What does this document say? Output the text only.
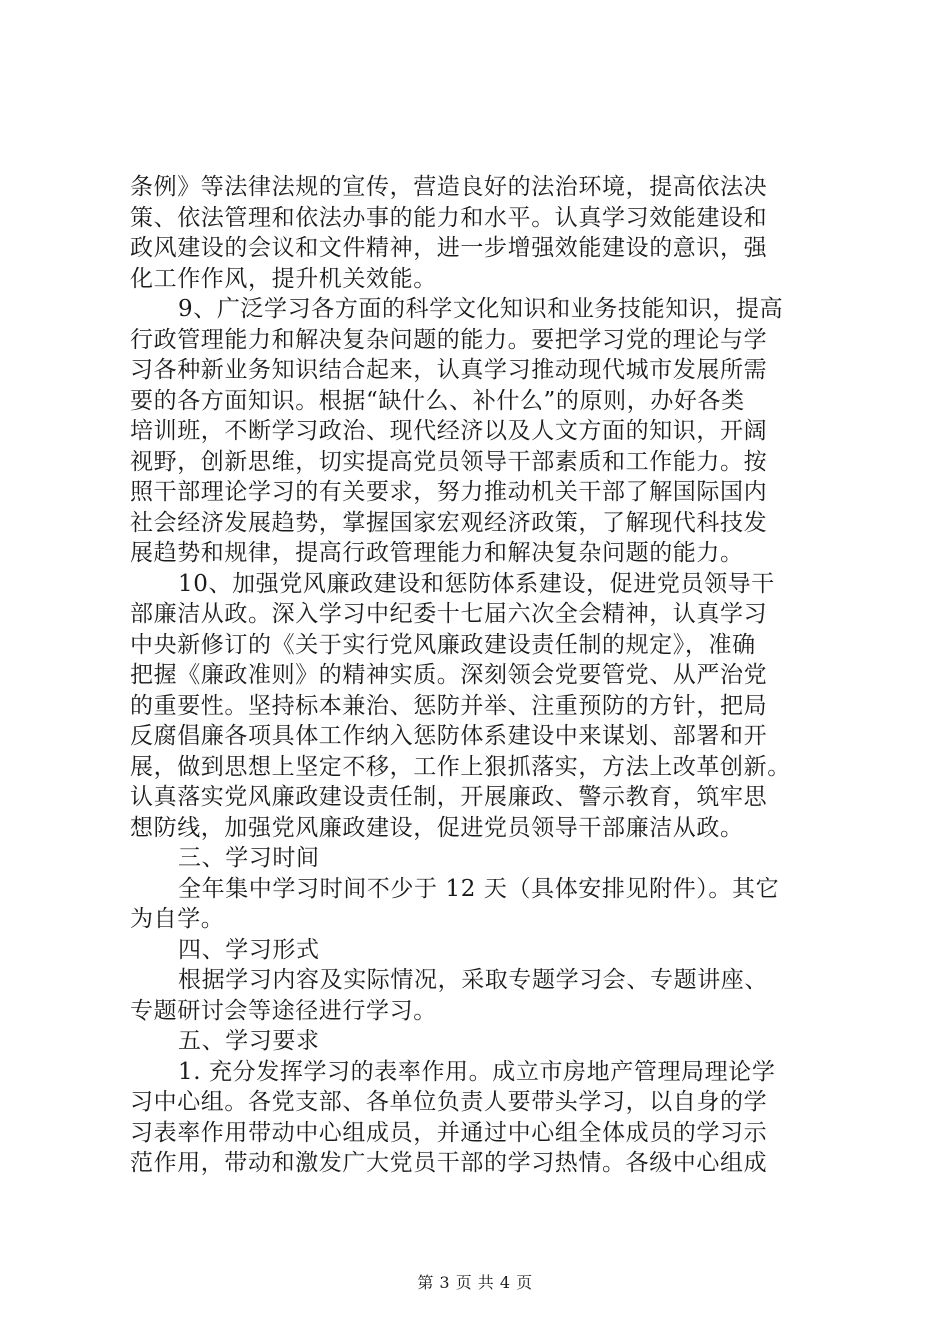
条例》等法律法规的宣传，营造良好的法治环境，提高依法决
策、依法管理和依法办事的能力和水平。认真学习效能建设和
政风建设的会议和文件精神，进一步增强效能建设的意识，强
化工作作风，提升机关效能。
9、广泛学习各方面的科学文化知识和业务技能知识，提高
行政管理能力和解决复杂问题的能力。要把学习党的理论与学
习各种新业务知识结合起来，认真学习推动现代城市发展所需
要的各方面知识。根据“缺什么、补什么”的原则，办好各类
培训班，不断学习政治、现代经济以及人文方面的知识，开阔
视野，创新思维，切实提高党员领导干部素质和工作能力。按
照干部理论学习的有关要求，努力推动机关干部了解国际国内
社会经济发展趋势，掌握国家宏观经济政策，了解现代科技发
展趋势和规律，提高行政管理能力和解决复杂问题的能力。
10、加强党风廉政建设和惩防体系建设，促进党员领导干
部廉洁从政。深入学习中纪委十七届六次全会精神，认真学习
中央新修订的《关于实行党风廉政建设责任制的规定》，准确
把握《廉政准则》的精神实质。深刻领会党要管党、从严治党
的重要性。坚持标本兼治、惩防并举、注重预防的方针，把局
反腐倡廉各项具体工作纳入惩防体系建设中来谋划、部署和开
展，做到思想上坚定不移，工作上狠抓落实，方法上改革创新。
认真落实党风廉政建设责任制，开展廉政、警示教育，筑牢思
想防线，加强党风廉政建设，促进党员领导干部廉洁从政。
三、学习时间
全年集中学习时间不少于 12 天（具体安排见附件）。其它
为自学。
四、学习形式
根据学习内容及实际情况，采取专题学习会、专题讲座、
专题研讨会等途径进行学习。
五、学习要求
1. 充分发挥学习的表率作用。成立市房地产管理局理论学
习中心组。各党支部、各单位负责人要带头学习，以自身的学
习表率作用带动中心组成员，并通过中心组全体成员的学习示
范作用，带动和激发广大党员干部的学习热情。各级中心组成
第 3 页 共 4 页
